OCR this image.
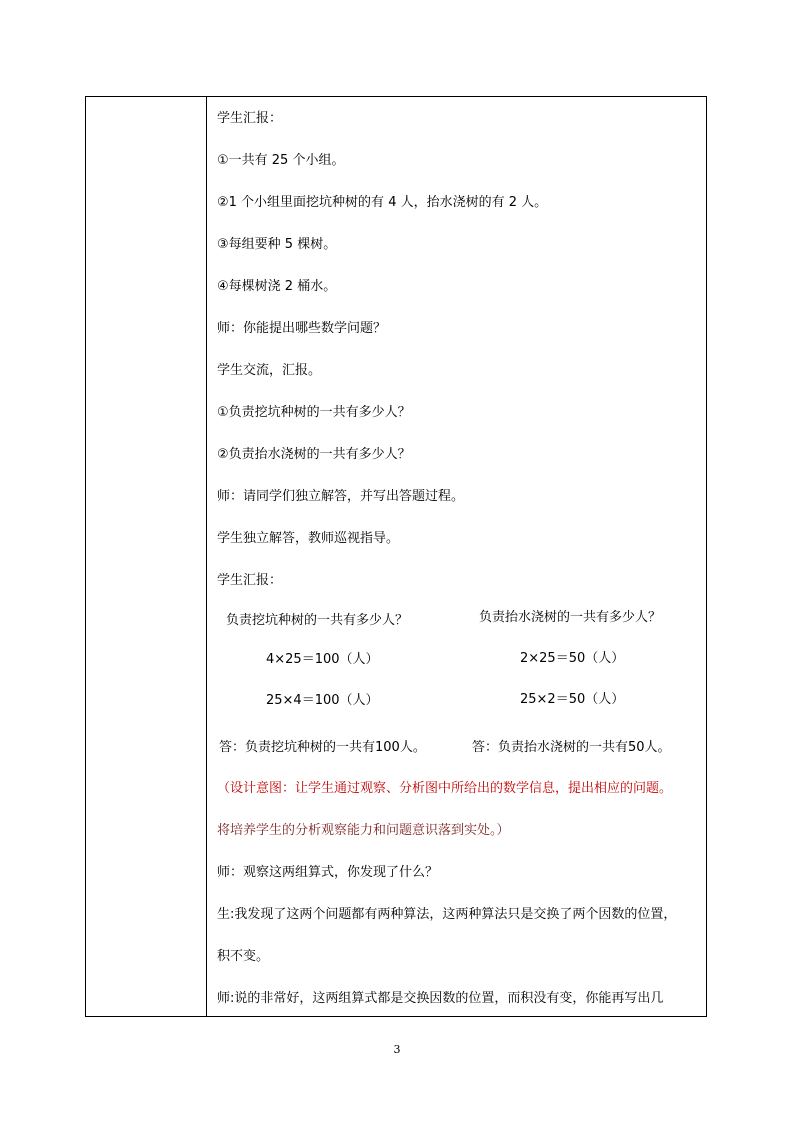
学生汇报：
①一共有 25 个小组。
②1 个小组里面挖坑种树的有 4 人，抬水浇树的有 2 人。
③每组要种 5 棵树。
④每棵树浇 2 桶水。
师：你能提出哪些数学问题？
学生交流，汇报。
①负责挖坑种树的一共有多少人？
②负责抬水浇树的一共有多少人？
师：请同学们独立解答，并写出答题过程。
学生独立解答，教师巡视指导。
学生汇报：
负责挖坑种树的一共有多少人？
4×25＝100（人）
25×4＝100（人）
答：负责挖坑种树的一共有100人。
负责抬水浇树的一共有多少人？
2×25＝50（人）
25×2＝50（人）
答：负责抬水浇树的一共有50人。
（设计意图：让学生通过观察、分析图中所给出的数学信息，提出相应的问题。
将培养学生的分析观察能力和问题意识落到实处。）
师：观察这两组算式，你发现了什么？
生:我发现了这两个问题都有两种算法，这两种算法只是交换了两个因数的位置，
积不变。
师:说的非常好，这两组算式都是交换因数的位置，而积没有变，你能再写出几
3
